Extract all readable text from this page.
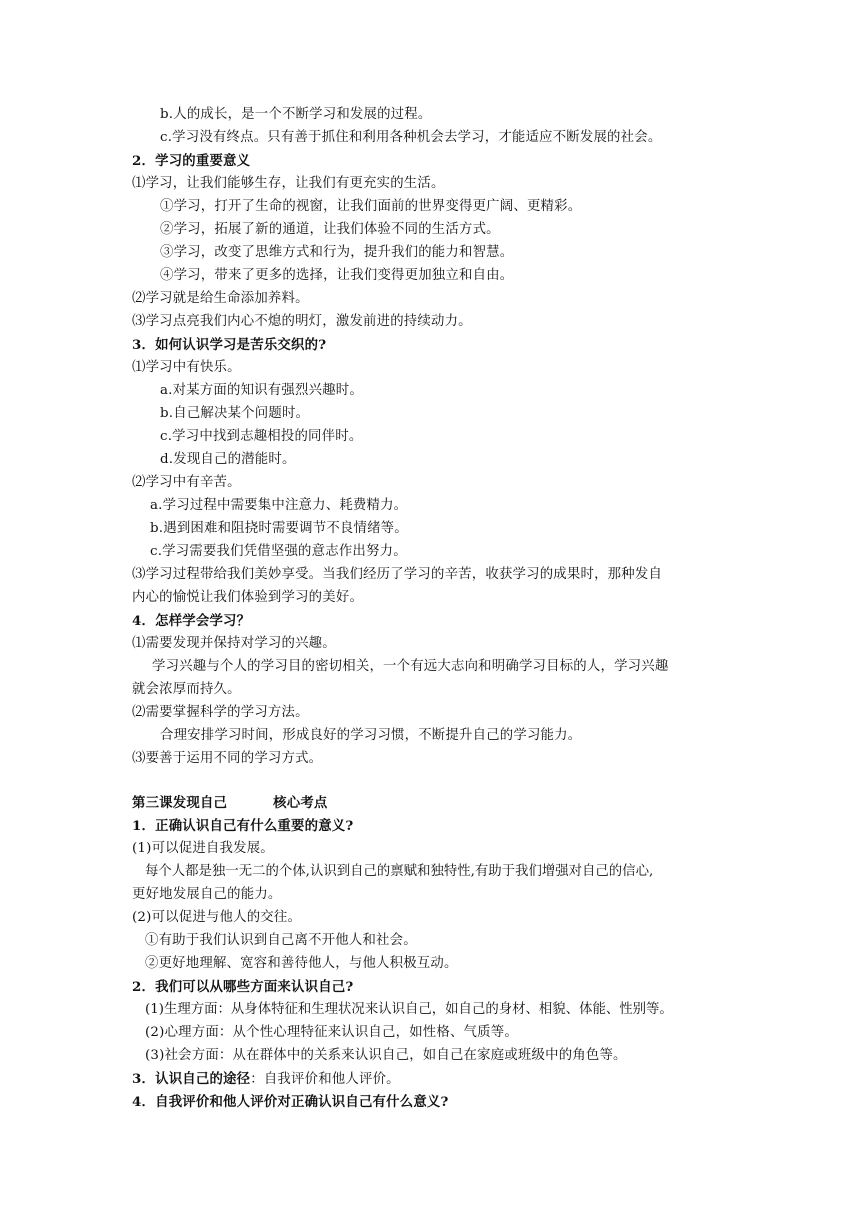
b.人的成长，是一个不断学习和发展的过程。
c.学习没有终点。只有善于抓住和利用各种机会去学习，才能适应不断发展的社会。
2．学习的重要意义
⑴学习，让我们能够生存，让我们有更充实的生活。
①学习，打开了生命的视窗，让我们面前的世界变得更广阔、更精彩。
②学习，拓展了新的通道，让我们体验不同的生活方式。
③学习，改变了思维方式和行为，提升我们的能力和智慧。
④学习，带来了更多的选择，让我们变得更加独立和自由。
⑵学习就是给生命添加养料。
⑶学习点亮我们内心不熄的明灯，激发前进的持续动力。
3．如何认识学习是苦乐交织的?
⑴学习中有快乐。
a.对某方面的知识有强烈兴趣时。
b.自己解决某个问题时。
c.学习中找到志趣相投的同伴时。
d.发现自己的潜能时。
⑵学习中有辛苦。
a.学习过程中需要集中注意力、耗费精力。
b.遇到困难和阻挠时需要调节不良情绪等。
c.学习需要我们凭借坚强的意志作出努力。
⑶学习过程带给我们美妙享受。当我们经历了学习的辛苦，收获学习的成果时，那种发自
内心的愉悦让我们体验到学习的美好。
4．怎样学会学习？
⑴需要发现并保持对学习的兴趣。
学习兴趣与个人的学习目的密切相关，一个有远大志向和明确学习目标的人，学习兴趣
就会浓厚而持久。
⑵需要掌握科学的学习方法。
合理安排学习时间，形成良好的学习习惯，不断提升自己的学习能力。
⑶要善于运用不同的学习方式。
第三课发现自己	核心考点
1．正确认识自己有什么重要的意义?
(1)可以促进自我发展。
每个人都是独一无二的个体,认识到自己的禀赋和独特性,有助于我们增强对自己的信心,
更好地发展自己的能力。
(2)可以促进与他人的交往。
①有助于我们认识到自己离不开他人和社会。
②更好地理解、宽容和善待他人，与他人积极互动。
2．我们可以从哪些方面来认识自己?
(1)生理方面：从身体特征和生理状况来认识自己，如自己的身材、相貌、体能、性别等。
(2)心理方面：从个性心理特征来认识自己，如性格、气质等。
(3)社会方面：从在群体中的关系来认识自己，如自己在家庭或班级中的角色等。
3．认识自己的途径：自我评价和他人评价。
4．自我评价和他人评价对正确认识自己有什么意义?
